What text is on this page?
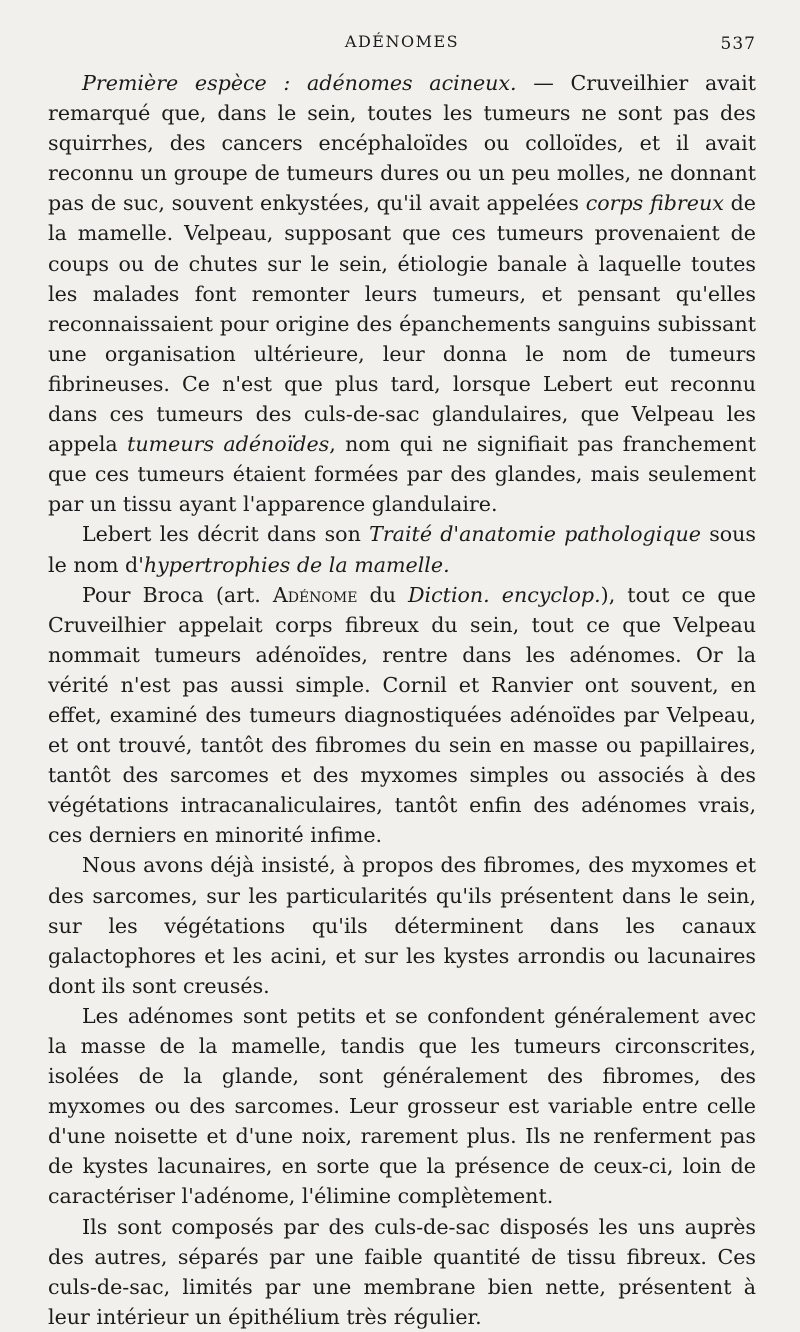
ADÉNOMES	537

Première espèce : adénomes acineux. — Cruveilhier avait remarqué que, dans le sein, toutes les tumeurs ne sont pas des squirrhes, des cancers encéphaloïdes ou colloïdes, et il avait reconnu un groupe de tumeurs dures ou un peu molles, ne donnant pas de suc, souvent enkystées, qu'il avait appelées corps fibreux de la mamelle. Velpeau, supposant que ces tumeurs provenaient de coups ou de chutes sur le sein, étiologie banale à laquelle toutes les malades font remonter leurs tumeurs, et pensant qu'elles reconnaissaient pour origine des épanchements sanguins subissant une organisation ultérieure, leur donna le nom de tumeurs fibrineuses. Ce n'est que plus tard, lorsque Lebert eut reconnu dans ces tumeurs des culs-de-sac glandulaires, que Velpeau les appela tumeurs adénoïdes, nom qui ne signifiait pas franchement que ces tumeurs étaient formées par des glandes, mais seulement par un tissu ayant l'apparence glandulaire.

Lebert les décrit dans son Traité d'anatomie pathologique sous le nom d'hypertrophies de la mamelle.

Pour Broca (art. Adénome du Diction. encyclop.), tout ce que Cruveilhier appelait corps fibreux du sein, tout ce que Velpeau nommait tumeurs adénoïdes, rentre dans les adénomes. Or la vérité n'est pas aussi simple. Cornil et Ranvier ont souvent, en effet, examiné des tumeurs diagnostiquées adénoïdes par Velpeau, et ont trouvé, tantôt des fibromes du sein en masse ou papillaires, tantôt des sarcomes et des myxomes simples ou associés à des végétations intracanaliculaires, tantôt enfin des adénomes vrais, ces derniers en minorité infime.

Nous avons déjà insisté, à propos des fibromes, des myxomes et des sarcomes, sur les particularités qu'ils présentent dans le sein, sur les végétations qu'ils déterminent dans les canaux galactophores et les acini, et sur les kystes arrondis ou lacunaires dont ils sont creusés.

Les adénomes sont petits et se confondent généralement avec la masse de la mamelle, tandis que les tumeurs circonscrites, isolées de la glande, sont généralement des fibromes, des myxomes ou des sarcomes. Leur grosseur est variable entre celle d'une noisette et d'une noix, rarement plus. Ils ne renferment pas de kystes lacunaires, en sorte que la présence de ceux-ci, loin de caractériser l'adénome, l'élimine complètement.

Ils sont composés par des culs-de-sac disposés les uns auprès des autres, séparés par une faible quantité de tissu fibreux. Ces culs-de-sac, limités par une membrane bien nette, présentent à leur intérieur un épithélium très régulier.
